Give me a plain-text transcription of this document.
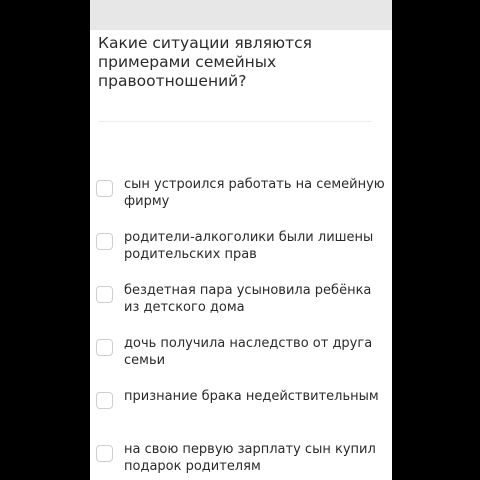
Какие ситуации являются примерами семейных правоотношений?
сын устроился работать на семейную фирму
родители-алкоголики были лишены родительских прав
бездетная пара усыновила ребёнка из детского дома
дочь получила наследство от друга семьи
признание брака недействительным
на свою первую зарплату сын купил подарок родителям
